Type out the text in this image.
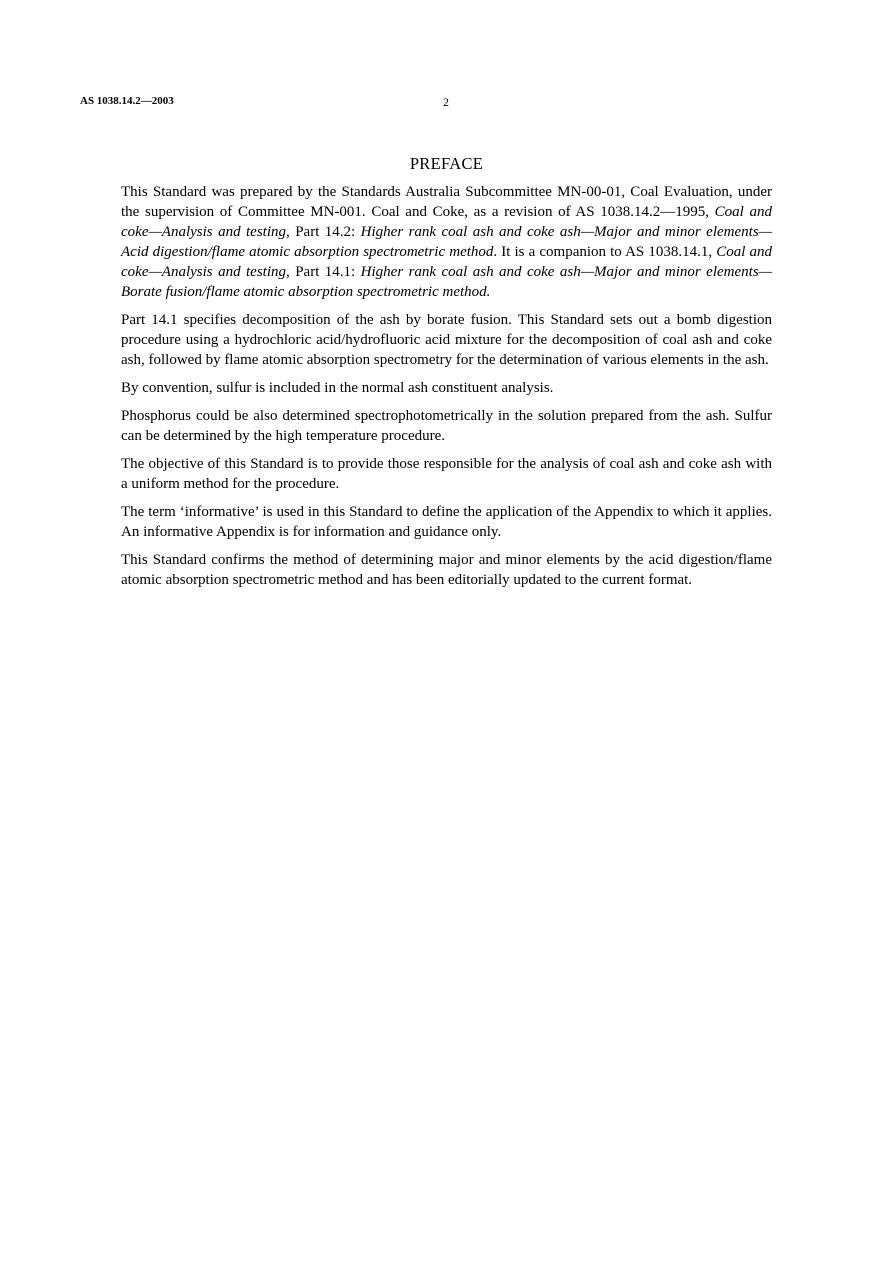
AS 1038.14.2—2003	2
PREFACE

This Standard was prepared by the Standards Australia Subcommittee MN-00-01, Coal Evaluation, under the supervision of Committee MN-001. Coal and Coke, as a revision of AS 1038.14.2—1995, Coal and coke—Analysis and testing, Part 14.2: Higher rank coal ash and coke ash—Major and minor elements—Acid digestion/flame atomic absorption spectrometric method. It is a companion to AS 1038.14.1, Coal and coke—Analysis and testing, Part 14.1: Higher rank coal ash and coke ash—Major and minor elements—Borate fusion/flame atomic absorption spectrometric method.

Part 14.1 specifies decomposition of the ash by borate fusion. This Standard sets out a bomb digestion procedure using a hydrochloric acid/hydrofluoric acid mixture for the decomposition of coal ash and coke ash, followed by flame atomic absorption spectrometry for the determination of various elements in the ash.

By convention, sulfur is included in the normal ash constituent analysis.

Phosphorus could be also determined spectrophotometrically in the solution prepared from the ash. Sulfur can be determined by the high temperature procedure.

The objective of this Standard is to provide those responsible for the analysis of coal ash and coke ash with a uniform method for the procedure.

The term ‘informative’ is used in this Standard to define the application of the Appendix to which it applies. An informative Appendix is for information and guidance only.

This Standard confirms the method of determining major and minor elements by the acid digestion/flame atomic absorption spectrometric method and has been editorially updated to the current format.
